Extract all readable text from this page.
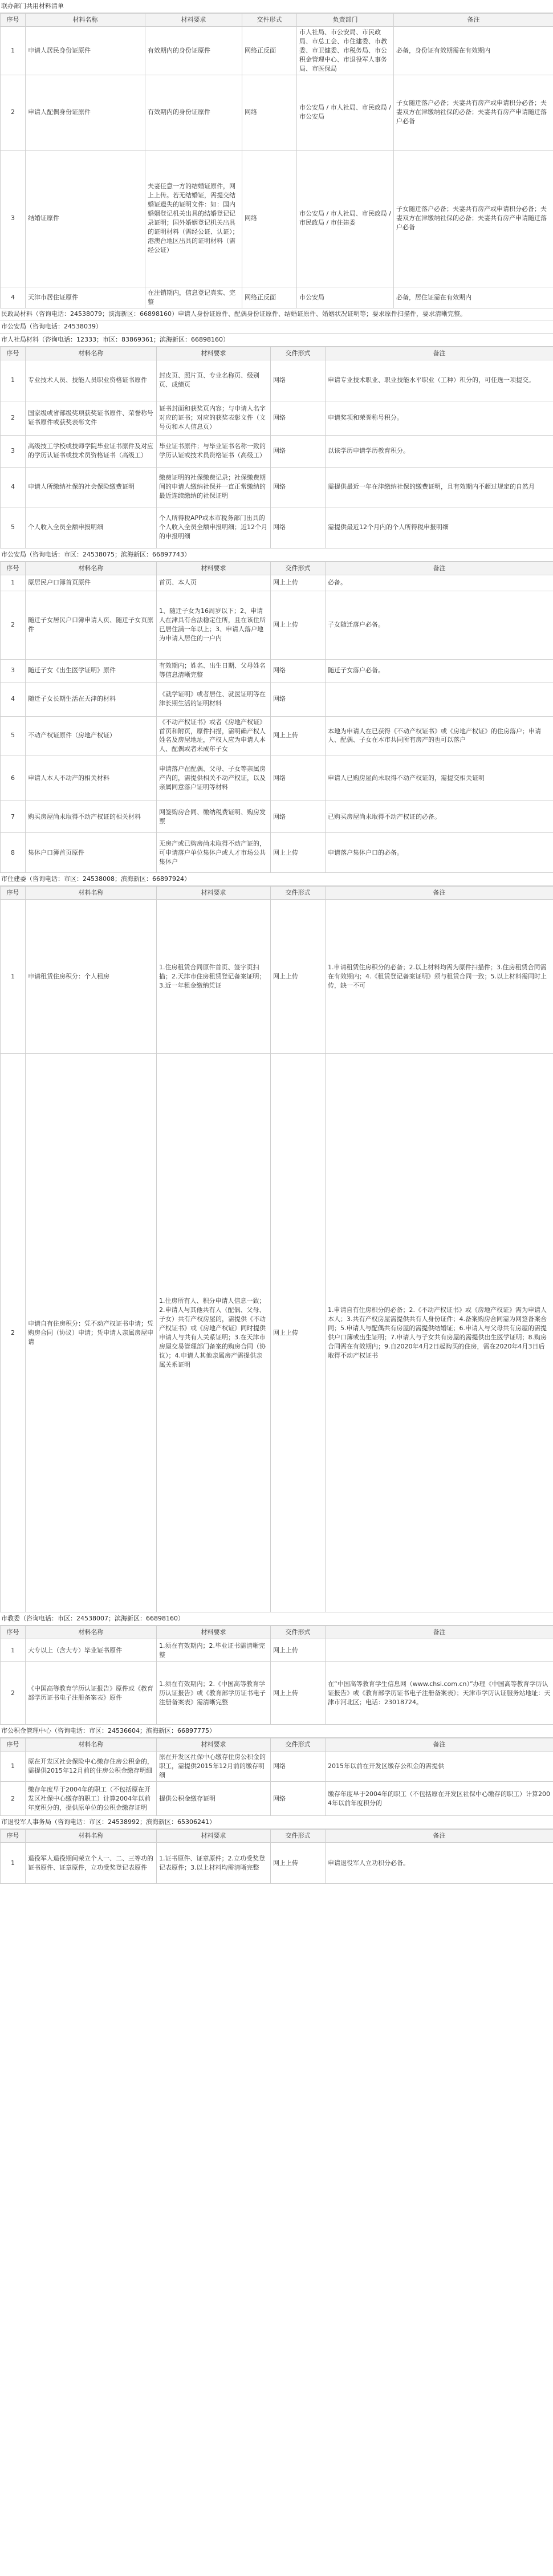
联办部门共用材料清单
序号	材料名称	材料要求	交件形式	负责部门	备注
1	申请人居民身份证原件	有效期内的身份证原件	网络正反面	市人社局、市公安局、市民政局、市总工会、市住建委、市教委、市卫健委、市税务局、市公积金管理中心、市退役军人事务局、市医保局	必备，身份证有效期需在有效期内
2	申请人配偶身份证原件	有效期内的身份证原件	网络	市公安局 / 市人社局、市民政局 / 市公安局	子女随迁落户必备；夫妻共有房产或申请积分必备；夫妻双方在津缴纳社保的必备；夫妻共有房产申请随迁落户必备
3	结婚证原件	夫妻任意一方的结婚证原件，网上上传。若无结婚证，需提交结婚证遗失的证明文件：如：国内婚姻登记机关出具的结婚登记记录证明；国外婚姻登记机关出具的证明材料（需经公证、认证）；港澳台地区出具的证明材料（需经公证）	网络	市公安局 / 市人社局、市民政局 / 市民政局 / 市住建委	子女随迁落户必备；夫妻共有房产或申请积分必备；夫妻双方在津缴纳社保的必备；夫妻共有房产申请随迁落户必备
4	天津市居住证原件	在注销期内，信息登记真实、完整	网络正反面	市公安局	必备，居住证需在有效期内
民政局材料（咨询电话：24538079；滨海新区：66898160）申请人身份证原件、配偶身份证原件、结婚证原件、婚姻状况证明等；要求原件扫描件，要求清晰完整。
市公安局（咨询电话：24538039）
市人社局材料（咨询电话：12333；市区：83869361；滨海新区：66898160）
序号	材料名称	材料要求	交件形式	备注
1	专业技术人员、技能人员职业资格证书原件	封皮页、照片页、专业名称页、级别页、成绩页	网络	申请专业技术职业、职业技能水平职业（工种）积分的，可任选一项提交。
2	国家级或省部级奖项获奖证书原件、荣誉称号证书原件或获奖表彰文件	证书封面和获奖页内容；与申请人名字对应的证书；对应的获奖表彰文件（文号页和本人信息页）	网络	申请奖项和荣誉称号积分。
3	高级技工学校或技师学院毕业证书原件及对应的学历认证书或技术员资格证书（高级工）	毕业证书原件；与毕业证书名称一致的学历认证或技术员资格证书（高级工）	网络	以该学历申请学历教育积分。
4	申请人所缴纳社保的社会保险缴费证明	缴费证明的社保缴费记录；社保缴费期间的申请人缴纳社保并一直正常缴纳的最近连续缴纳的社保证明	网络	需提供最近一年在津缴纳社保的缴费证明，且有效期内不超过规定的自然月
5	个人收入全员全额申报明细	个人所得税APP或本市税务部门出具的个人收入全员全额申报明细；近12个月的申报明细	网络	需提供最近12个月内的个人所得税申报明细
市公安局（咨询电话：市区：24538075；滨海新区：66897743）
序号	材料名称	材料要求	交件形式	备注
1	原居民户口簿首页原件	首页、本人页	网上上传	必备。
2	随迁子女居民户口簿申请人页、随迁子女页原件	1、随迁子女为16周岁以下；2、申请人在津具有合法稳定住所，且在该住所已居住满一年以上；3、申请人落户地为申请人居住的一户内	网上上传	子女随迁落户必备。
3	随迁子女《出生医学证明》原件	有效期内；姓名、出生日期、父母姓名等信息清晰完整	网络	随迁子女落户必备。
4	随迁子女长期生活在天津的材料	《就学证明》或者居住、就医证明等在津长期生活的证明材料	网络	
5	不动产权证原件（房地产权证）	《不动产权证书》或者《房地产权证》首页和附页，原件扫描，需明确产权人姓名及房屋地址，产权人应为申请人本人、配偶或者未成年子女	网上上传	本地为申请人在已获得《不动产权证书》或《房地产权证》的住房落户；申请人、配偶、子女在本市共同所有房产的也可以落户
6	申请人本人不动产的相关材料	申请落户在配偶、父母、子女等亲属房产内的，需提供相关不动产权证，以及亲属同意落户证明等材料	网络	申请人已购房屋尚未取得不动产权证的，需提交相关证明
7	购买房屋尚未取得不动产权证的相关材料	网签购房合同、缴纳税费证明、购房发票	网络	已购买房屋尚未取得不动产权证的必备。
8	集体户口簿首页原件	无房产或已购房尚未取得不动产证的，可申请落户单位集体户或人才市场公共集体户	网上上传	申请落户集体户口的必备。
市住建委（咨询电话：市区：24538008；滨海新区：66897924）
序号	材料名称	材料要求	交件形式	备注
1	申请租赁住房积分：个人租房	1.住房租赁合同原件首页、签字页扫描；2.天津市住房租赁登记备案证明；3.近一年租金缴纳凭证	网上上传	1.申请租赁住房积分的必备；2.以上材料均需为原件扫描件；3.住房租赁合同需在有效期内；4.《租赁登记备案证明》须与租赁合同一致；5.以上材料需同时上传，缺一不可
2	申请自有住房积分：凭不动产权证书申请；凭购房合同（协议）申请；凭申请人亲属房屋申请	1.住房所有人、积分申请人信息一致；2.申请人与其他共有人（配偶、父母、子女）共有产权房屋的，需提供《不动产权证书》或《房地产权证》同时提供申请人与共有人关系证明；3.在天津市房屋交易管理部门备案的购房合同（协议）；4.申请人其他亲属房产需提供亲属关系证明	网上上传	1.申请自有住房积分的必备；2.《不动产权证书》或《房地产权证》需为申请人本人；3.共有产权房屋需提供共有人身份证件；4.备案购房合同需为网签备案合同；5.申请人与配偶共有房屋的需提供结婚证；6.申请人与父母共有房屋的需提供户口簿或出生证明；7.申请人与子女共有房屋的需提供出生医学证明；8.购房合同需在有效期内；9.自2020年4月2日起购买的住房，需在2020年4月3日后取得不动产权证书
市教委（咨询电话：市区：24538007；滨海新区：66898160）
序号	材料名称	材料要求	交件形式	备注
1	大专以上（含大专）毕业证书原件	1.须在有效期内；2.毕业证书需清晰完整	网上上传	
2	《中国高等教育学历认证报告》原件或《教育部学历证书电子注册备案表》原件	1.须在有效期内；2.《中国高等教育学历认证报告》或《教育部学历证书电子注册备案表》需清晰完整	网上上传	在“中国高等教育学生信息网（www.chsi.com.cn）”办理《中国高等教育学历认证报告》或《教育部学历证书电子注册备案表》；天津市学历认证服务站地址：天津市河北区；电话：23018724。
市公积金管理中心（咨询电话：市区：24536604；滨海新区：66897775）
序号	材料名称	材料要求	交件形式	备注
1	原在开发区社会保险中心缴存住房公积金的，需提供2015年12月前的住房公积金缴存明细	原在开发区社保中心缴存住房公积金的职工，需提供2015年12月前的缴存明细	网络	2015年以前在开发区缴存公积金的需提供
2	缴存年度早于2004年的职工（不包括原在开发区社保中心缴存的职工）计算2004年以前年度积分的，提供原单位的公积金缴存证明	提供公积金缴存证明	网络	缴存年度早于2004年的职工（不包括原在开发区社保中心缴存的职工）计算2004年以前年度积分的
市退役军人事务局（咨询电话：市区：24538992；滨海新区：65306241）
序号	材料名称	材料要求	交件形式	备注
1	退役军人退役期间荣立个人一、二、三等功的证书原件、证章原件，立功受奖登记表原件	1.证书原件、证章原件；2.立功受奖登记表原件；3.以上材料均需清晰完整	网上上传	申请退役军人立功积分必备。
